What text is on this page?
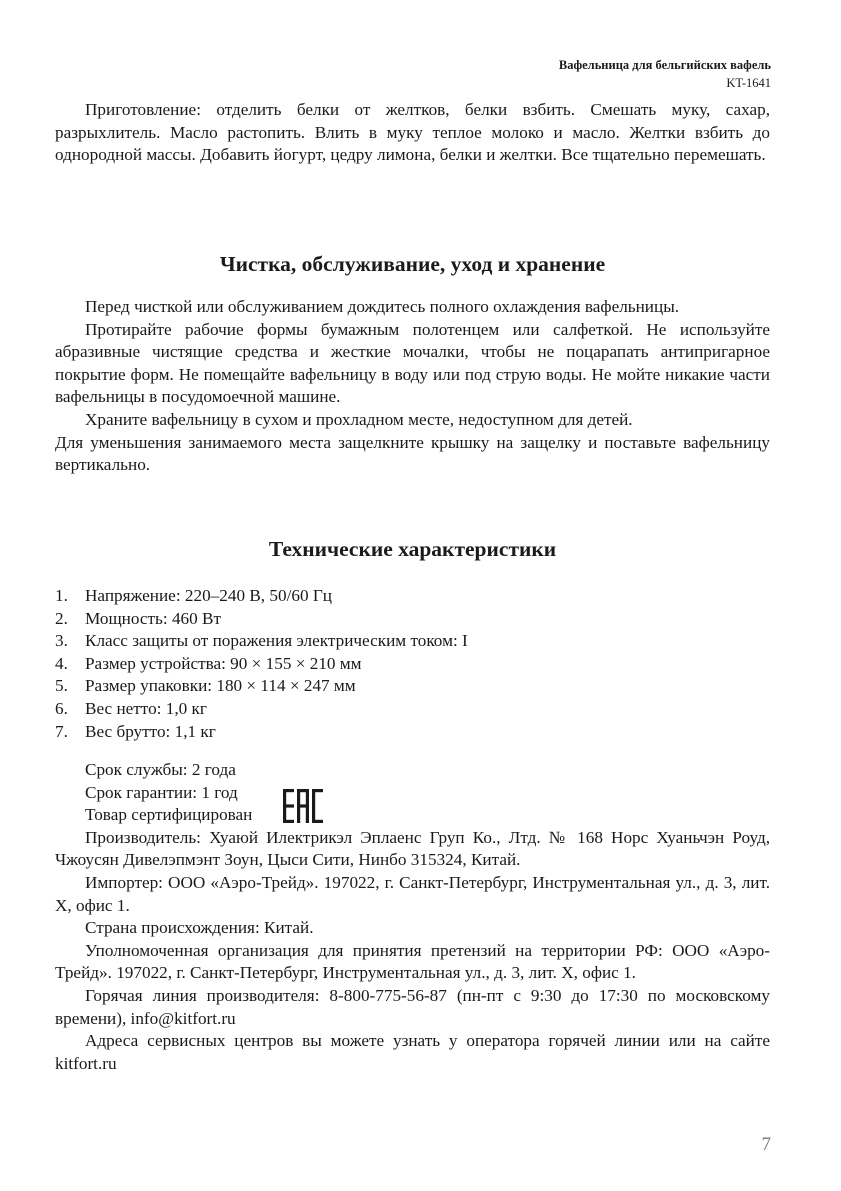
Вафельница для бельгийских вафель
KT-1641

Приготовление: отделить белки от желтков, белки взбить. Смешать муку, сахар, разрыхлитель. Масло растопить. Влить в муку теплое молоко и масло. Желтки взбить до однородной массы. Добавить йогурт, цедру лимона, белки и желтки. Все тщательно перемешать.

Чистка, обслуживание, уход и хранение

Перед чисткой или обслуживанием дождитесь полного охлаждения вафельницы.

Протирайте рабочие формы бумажным полотенцем или салфеткой. Не используйте абразивные чистящие средства и жесткие мочалки, чтобы не поцарапать антипригарное покрытие форм. Не помещайте вафельницу в воду или под струю воды. Не мойте никакие части вафельницы в посудомоечной машине.

Храните вафельницу в сухом и прохладном месте, недоступном для детей.

Для уменьшения занимаемого места защелкните крышку на защелку и поставьте вафельницу вертикально.

Технические характеристики
1. Напряжение: 220–240 В, 50/60 Гц
2. Мощность: 460 Вт
3. Класс защиты от поражения электрическим током: I
4. Размер устройства: 90 × 155 × 210 мм
5. Размер упаковки: 180 × 114 × 247 мм
6. Вес нетто: 1,0 кг
7. Вес брутто: 1,1 кг

Срок службы: 2 года

Срок гарантии: 1 год

Товар сертифицирован

Производитель: Хуаюй Илектрикэл Эплаенс Груп Ко., Лтд. № 168 Норс Хуаньчэн Роуд, Чжоусян Дивелэпмэнт Зоун, Цыси Сити, Нинбо 315324, Китай.

Импортер: ООО «Аэро-Трейд». 197022, г. Санкт-Петербург, Инструментальная ул., д. 3, лит. Х, офис 1.

Страна происхождения: Китай.

Уполномоченная организация для принятия претензий на территории РФ: ООО «Аэро-Трейд». 197022, г. Санкт-Петербург, Инструментальная ул., д. 3, лит. Х, офис 1.

Горячая линия производителя: 8-800-775-56-87 (пн-пт с 9:30 до 17:30 по московскому времени), info@kitfort.ru

Адреса сервисных центров вы можете узнать у оператора горячей линии или на сайте kitfort.ru

7
